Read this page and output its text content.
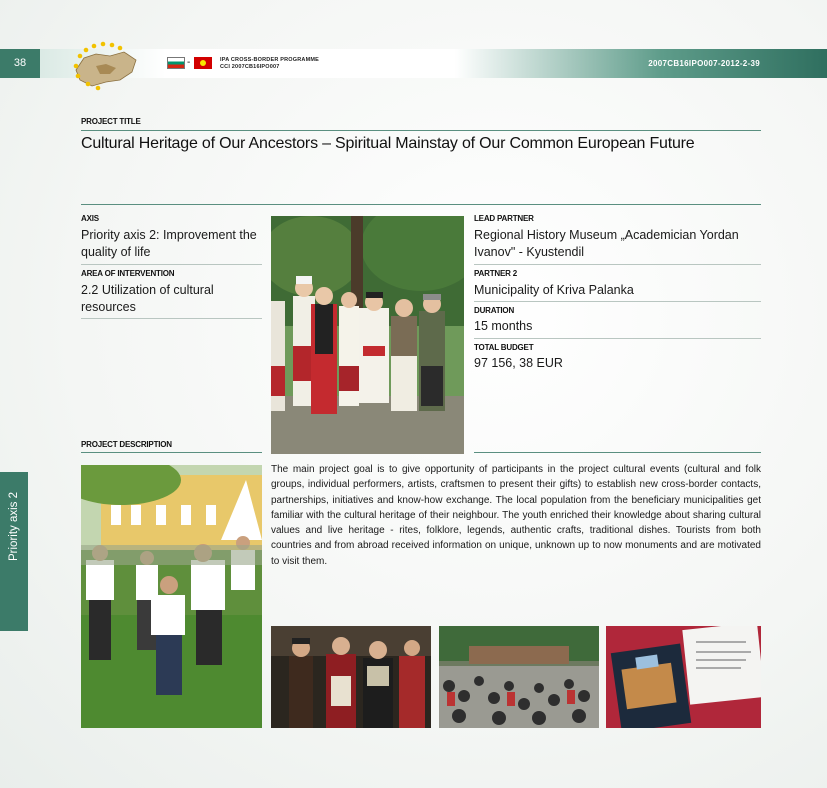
38	-	IPA CROSS-BORDER PROGRAMME
CCI 2007CB16IPO007	2007CB16IPO007-2012-2-39
PROJECT TITLE
Cultural Heritage of Our Ancestors – Spiritual Mainstay of Our Common European Future
AXIS
Priority axis 2: Improvement the quality of life
AREA OF INTERVENTION
2.2 Utilization of cultural resources
LEAD PARTNER
Regional History Museum „Academician Yordan Ivanov" - Kyustendil
PARTNER 2
Municipality of Kriva Palanka
DURATION
15 months
TOTAL BUDGET
97 156, 38 EUR
PROJECT DESCRIPTION
The main project goal is to give opportunity of participants in the project cultural events (cultural and folk groups, individual performers, artists, craftsmen to present their gifts) to establish new cross-border contacts, partnerships, initiatives and know-how exchange. The local population from the beneficiary municipalities get familiar with the cultural heritage of their neighbour. The youth enriched their knowledge about sharing cultural values and live heritage - rites, folklore, legends, authentic crafts, traditional dishes. Tourists from both countries and from abroad received information on unique, unknown up to now monuments and are motivated to visit them.
